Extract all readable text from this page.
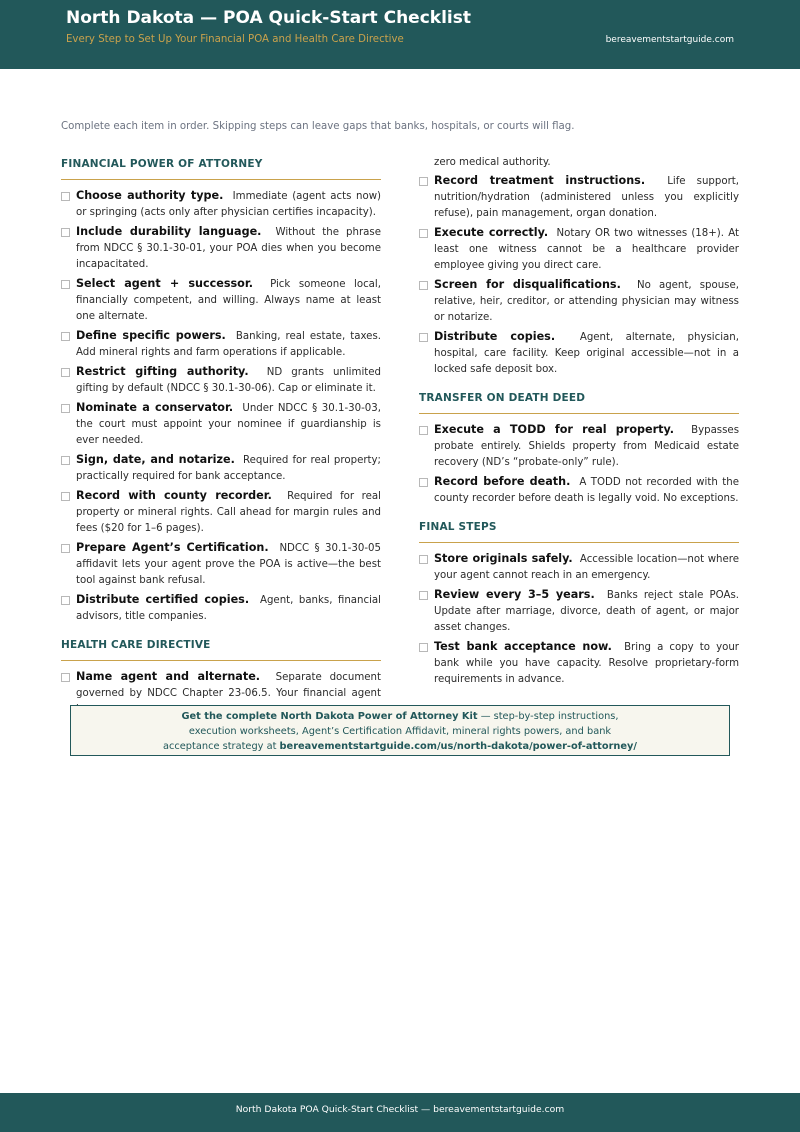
North Dakota — POA Quick-Start Checklist
Every Step to Set Up Your Financial POA and Health Care Directive	bereavementstartguide.com
Complete each item in order. Skipping steps can leave gaps that banks, hospitals, or courts will flag.
FINANCIAL POWER OF ATTORNEY
Choose authority type. Immediate (agent acts now) or springing (acts only after physician certifies incapacity).
Include durability language. Without the phrase from NDCC § 30.1-30-01, your POA dies when you become incapacitated.
Select agent + successor. Pick someone local, financially competent, and willing. Always name at least one alternate.
Define specific powers. Banking, real estate, taxes. Add mineral rights and farm operations if applicable.
Restrict gifting authority. ND grants unlimited gifting by default (NDCC § 30.1-30-06). Cap or eliminate it.
Nominate a conservator. Under NDCC § 30.1-30-03, the court must appoint your nominee if guardianship is ever needed.
Sign, date, and notarize. Required for real property; practically required for bank acceptance.
Record with county recorder. Required for real property or mineral rights. Call ahead for margin rules and fees ($20 for 1–6 pages).
Prepare Agent’s Certification. NDCC § 30.1-30-05 affidavit lets your agent prove the POA is active—the best tool against bank refusal.
Distribute certified copies. Agent, banks, financial advisors, title companies.
HEALTH CARE DIRECTIVE
Name agent and alternate. Separate document governed by NDCC Chapter 23-06.5. Your financial agent
zero medical authority.
Record treatment instructions. Life support, nutrition/hydration (administered unless you explicitly refuse), pain management, organ donation.
Execute correctly. Notary OR two witnesses (18+). At least one witness cannot be a healthcare provider employee giving you direct care.
Screen for disqualifications. No agent, spouse, relative, heir, creditor, or attending physician may witness or notarize.
Distribute copies. Agent, alternate, physician, hospital, care facility. Keep original accessible—not in a locked safe deposit box.
TRANSFER ON DEATH DEED
Execute a TODD for real property. Bypasses probate entirely. Shields property from Medicaid estate recovery (ND’s “probate-only” rule).
Record before death. A TODD not recorded with the county recorder before death is legally void. No exceptions.
FINAL STEPS
Store originals safely. Accessible location—not where your agent cannot reach in an emergency.
Review every 3–5 years. Banks reject stale POAs. Update after marriage, divorce, death of agent, or major asset changes.
Test bank acceptance now. Bring a copy to your bank while you have capacity. Resolve proprietary-form requirements in advance.
Get the complete North Dakota Power of Attorney Kit — step-by-step instructions,
execution worksheets, Agent’s Certification Affidavit, mineral rights powers, and bank
acceptance strategy at bereavementstartguide.com/us/north-dakota/power-of-attorney/
North Dakota POA Quick-Start Checklist — bereavementstartguide.com
